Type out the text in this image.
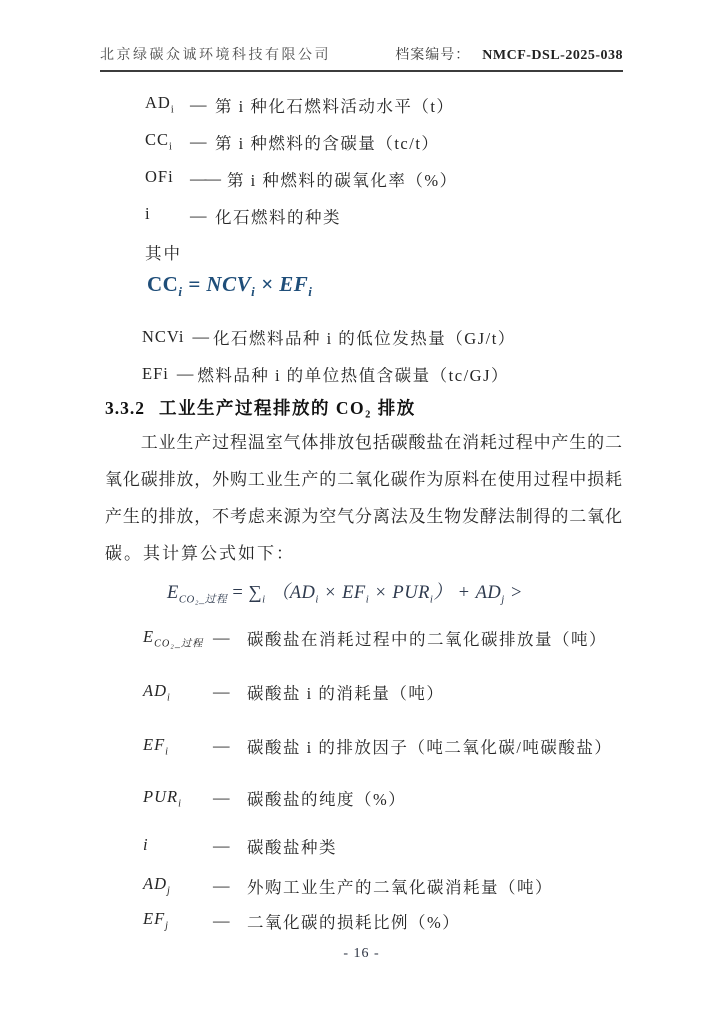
北京绿碳众诚环境科技有限公司	档案编号： NMCF-DSL-2025-038
$AD_i$ — 第 i 种化石燃料活动水平（t）
$CC_i$	— 第 i 种燃料的含碳量（tc/t）
OFi —— 第 i 种燃料的碳氧化率（%）
i	— 化石燃料的种类
其中
$CC_i = NCV_i \times EF_i$
NCVi — 化石燃料品种 i 的低位发热量（GJ/t）
EFi — 燃料品种 i 的单位热值含碳量（tc/GJ）
3.3.2 工业生产过程排放的 CO₂ 排放
工业生产过程温室气体排放包括碳酸盐在消耗过程中产生的二
氧化碳排放，外购工业生产的二氧化碳作为原料在使用过程中损耗
产生的排放，不考虑来源为空气分离法及生物发酵法制得的二氧化
碳。其计算公式如下：
$E_{CO_2\_过程} = \sum_i$ $(AD_i \times EF_i \times PUR_i) + AD_j$ >
$E_{CO_2\_过程}$ —	碳酸盐在消耗过程中的二氧化碳排放量（吨）
$AD_i$	—	碳酸盐 i 的消耗量（吨）
$EF_i$	—	碳酸盐 i 的排放因子（吨二氧化碳/吨碳酸盐）
$PUR_i$	—	碳酸盐的纯度（%）
i	—	碳酸盐种类
$AD_j$	—	外购工业生产的二氧化碳消耗量（吨）
$EF_j$	—	二氧化碳的损耗比例（%）
- 16 -
